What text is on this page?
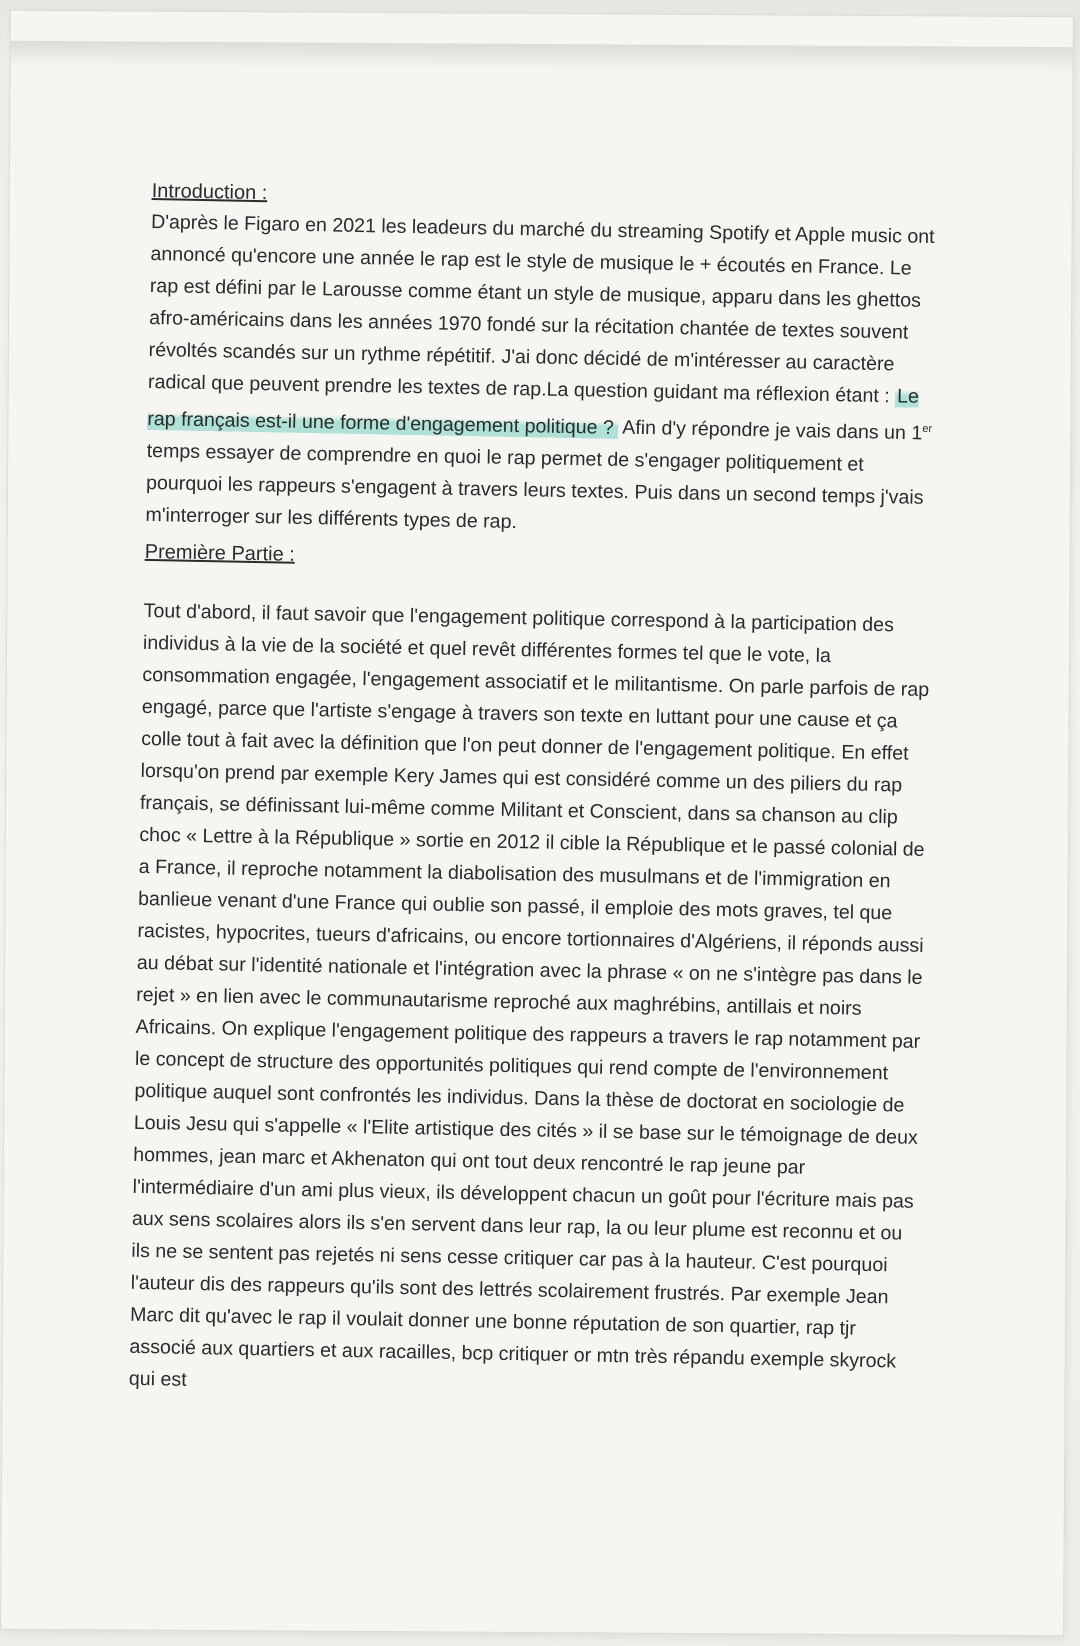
Introduction :

D'après le Figaro en 2021 les leadeurs du marché du streaming Spotify et Apple music ont annoncé qu'encore une année le rap est le style de musique le + écoutés en France. Le rap est défini par le Larousse comme étant un style de musique, apparu dans les ghettos afro-américains dans les années 1970 fondé sur la récitation chantée de textes souvent révoltés scandés sur un rythme répétitif. J'ai donc décidé de m'intéresser au caractère radical que peuvent prendre les textes de rap.La question guidant ma réflexion étant : Le rap français est-il une forme d'engagement politique ? Afin d'y répondre je vais dans un 1er temps essayer de comprendre en quoi le rap permet de s'engager politiquement et pourquoi les rappeurs s'engagent à travers leurs textes. Puis dans un second temps j'vais m'interroger sur les différents types de rap.

Première Partie :

Tout d'abord, il faut savoir que l'engagement politique correspond à la participation des individus à la vie de la société et quel revêt différentes formes tel que le vote, la consommation engagée, l'engagement associatif et le militantisme. On parle parfois de rap engagé, parce que l'artiste s'engage à travers son texte en luttant pour une cause et ça colle tout à fait avec la définition que l'on peut donner de l'engagement politique. En effet lorsqu'on prend par exemple Kery James qui est considéré comme un des piliers du rap français, se définissant lui-même comme Militant et Conscient, dans sa chanson au clip choc « Lettre à la République » sortie en 2012 il cible la République et le passé colonial de a France, il reproche notamment la diabolisation des musulmans et de l'immigration en banlieue venant d'une France qui oublie son passé, il emploie des mots graves, tel que racistes, hypocrites, tueurs d'africains, ou encore tortionnaires d'Algériens, il réponds aussi au débat sur l'identité nationale et l'intégration avec la phrase « on ne s'intègre pas dans le rejet » en lien avec le communautarisme reproché aux maghrébins, antillais et noirs Africains. On explique l'engagement politique des rappeurs a travers le rap notamment par le concept de structure des opportunités politiques qui rend compte de l'environnement politique auquel sont confrontés les individus. Dans la thèse de doctorat en sociologie de Louis Jesu qui s'appelle « l'Elite artistique des cités » il se base sur le témoignage de deux hommes, jean marc et Akhenaton qui ont tout deux rencontré le rap jeune par l'intermédiaire d'un ami plus vieux, ils développent chacun un goût pour l'écriture mais pas aux sens scolaires alors ils s'en servent dans leur rap, la ou leur plume est reconnu et ou ils ne se sentent pas rejetés ni sens cesse critiquer car pas à la hauteur. C'est pourquoi l'auteur dis des rappeurs qu'ils sont des lettrés scolairement frustrés. Par exemple Jean Marc dit qu'avec le rap il voulait donner une bonne réputation de son quartier, rap tjr associé aux quartiers et aux racailles, bcp critiquer or mtn très répandu exemple skyrock qui est
